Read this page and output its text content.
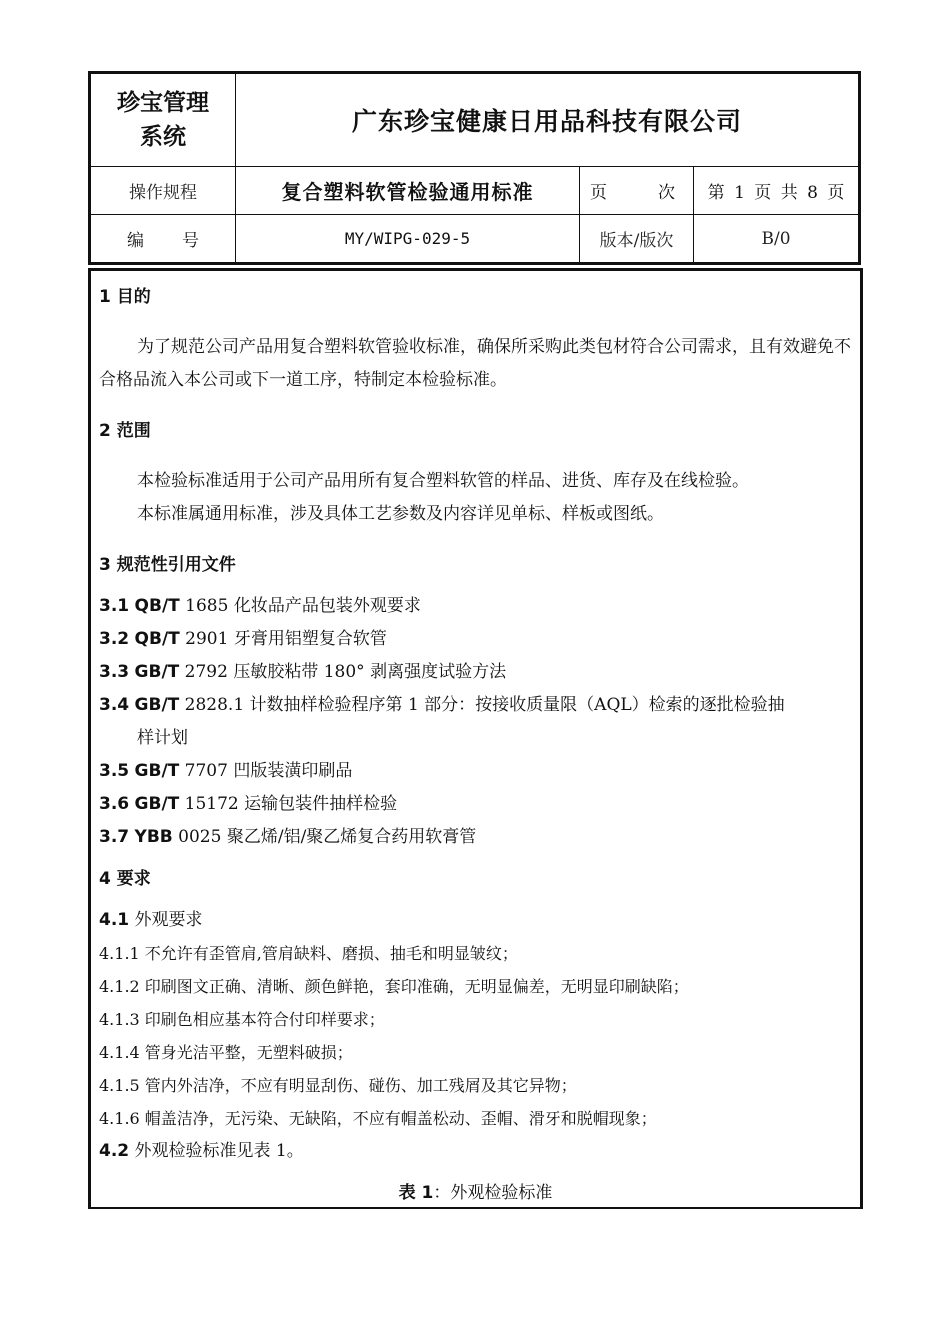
珍宝管理
系统	广东珍宝健康日用品科技有限公司		
操作规程	复合塑料软管检验通用标准	页 次	第 1 页 共 8 页

编 号	MY/WIPG-029-5	版本/版次	B/0
1 目的

为了规范公司产品用复合塑料软管验收标准，确保所采购此类包材符合公司需求，且有效避免不合格品流入本公司或下一道工序，特制定本检验标准。

2 范围

本检验标准适用于公司产品用所有复合塑料软管的样品、进货、库存及在线检验。

本标准属通用标准，涉及具体工艺参数及内容详见单标、样板或图纸。

3 规范性引用文件
3.1 QB/T 1685 化妆品产品包装外观要求
3.2 QB/T 2901 牙膏用铝塑复合软管
3.3 GB/T 2792 压敏胶粘带 180° 剥离强度试验方法
3.4 GB/T 2828.1 计数抽样检验程序第 1 部分：按接收质量限（AQL）检索的逐批检验抽
样计划
3.5 GB/T 7707 凹版装潢印刷品
3.6 GB/T 15172 运输包装件抽样检验
3.7 YBB 0025 聚乙烯/铝/聚乙烯复合药用软膏管
4 要求
4.1 外观要求
4.1.1 不允许有歪管肩,管肩缺料、磨损、抽毛和明显皱纹；
4.1.2 印刷图文正确、清晰、颜色鲜艳，套印准确，无明显偏差，无明显印刷缺陷；
4.1.3 印刷色相应基本符合付印样要求；
4.1.4 管身光洁平整，无塑料破损；
4.1.5 管内外洁净，不应有明显刮伤、碰伤、加工残屑及其它异物；
4.1.6 帽盖洁净，无污染、无缺陷，不应有帽盖松动、歪帽、滑牙和脱帽现象；
4.2 外观检验标准见表 1。
表 1：外观检验标准
